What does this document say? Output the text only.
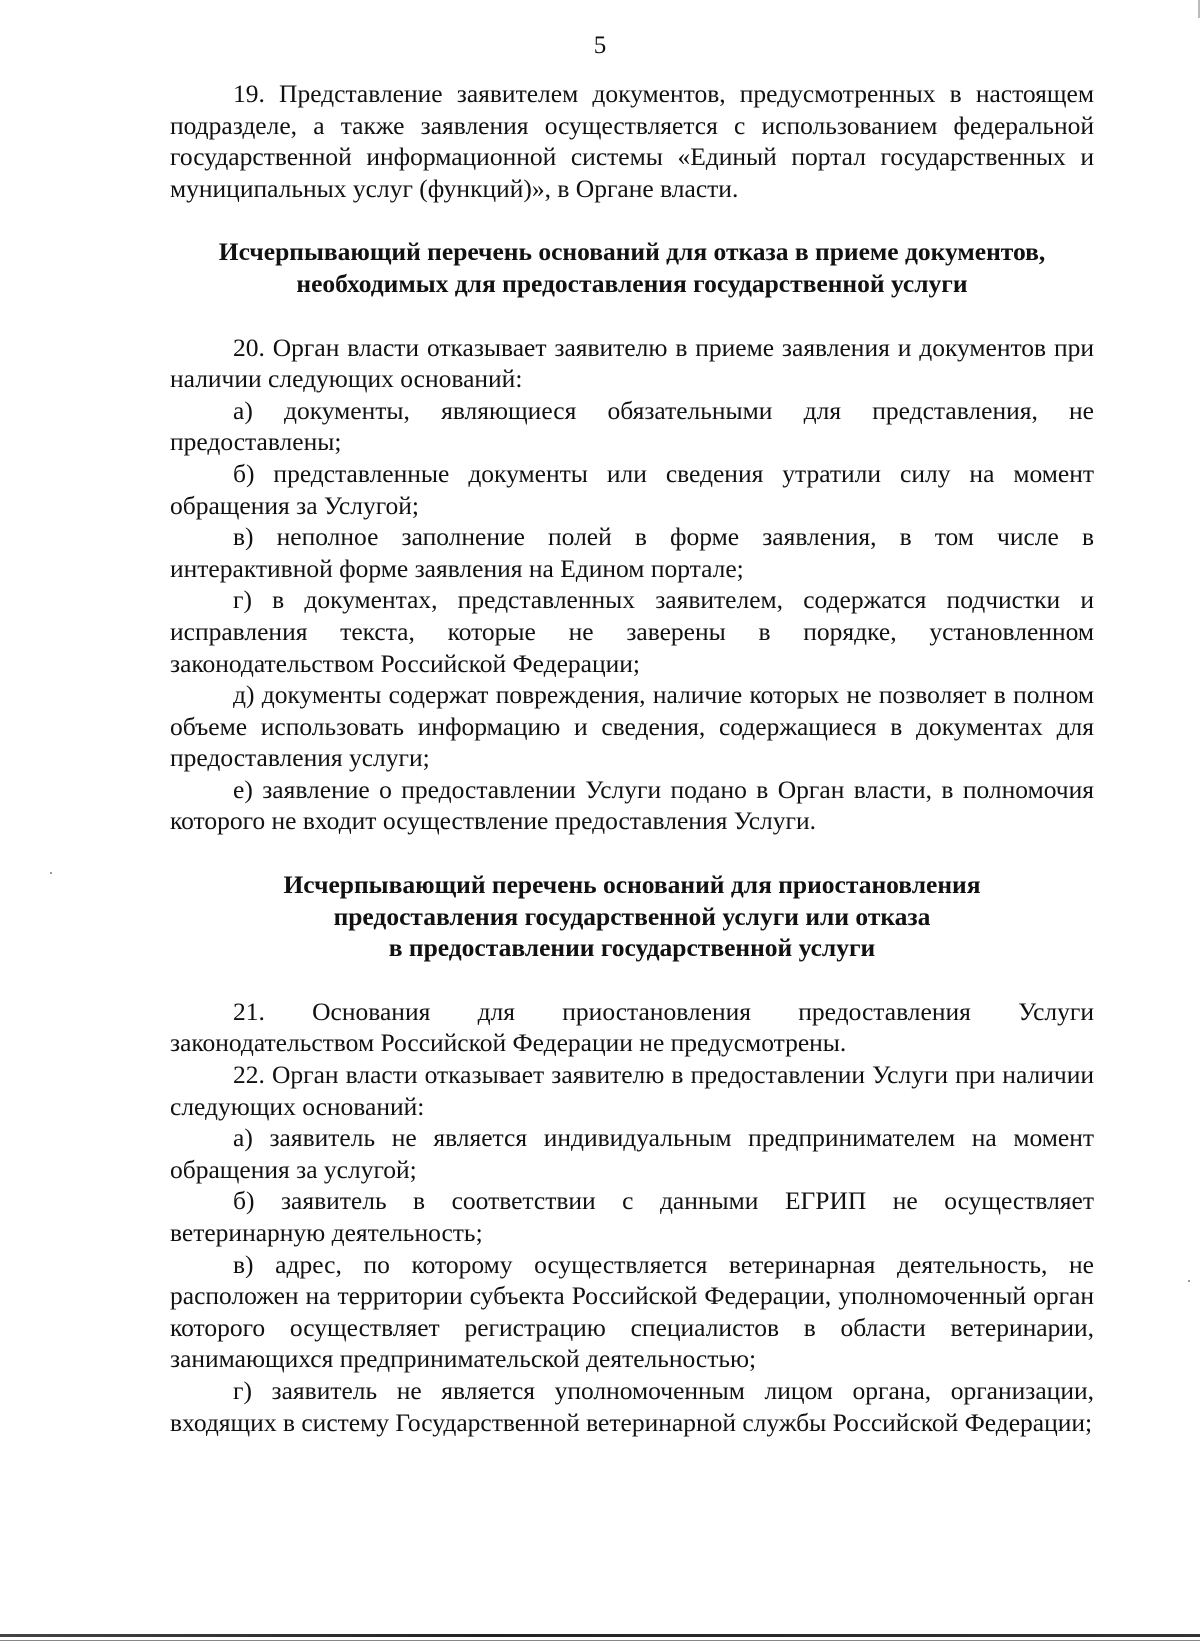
5

19. Представление заявителем документов, предусмотренных в настоящем подразделе, а также заявления осуществляется с использованием федеральной государственной информационной системы «Единый портал государственных и муниципальных услуг (функций)», в Органе власти.

Исчерпывающий перечень оснований для отказа в приеме документов,

необходимых для предоставления государственной услуги

20. Орган власти отказывает заявителю в приеме заявления и документов при наличии следующих оснований:

а) документы, являющиеся обязательными для представления, не предоставлены;

б) представленные документы или сведения утратили силу на момент обращения за Услугой;

в) неполное заполнение полей в форме заявления, в том числе в интерактивной форме заявления на Едином портале;

г) в документах, представленных заявителем, содержатся подчистки и исправления текста, которые не заверены в порядке, установленном законодательством Российской Федерации;

д) документы содержат повреждения, наличие которых не позволяет в полном объеме использовать информацию и сведения, содержащиеся в документах для предоставления услуги;

е) заявление о предоставлении Услуги подано в Орган власти, в полномочия которого не входит осуществление предоставления Услуги.

Исчерпывающий перечень оснований для приостановления

предоставления государственной услуги или отказа

в предоставлении государственной услуги

21. Основания для приостановления предоставления Услуги законодательством Российской Федерации не предусмотрены.

22. Орган власти отказывает заявителю в предоставлении Услуги при наличии следующих оснований:

а) заявитель не является индивидуальным предпринимателем на момент обращения за услугой;

б) заявитель в соответствии с данными ЕГРИП не осуществляет ветеринарную деятельность;

в) адрес, по которому осуществляется ветеринарная деятельность, не расположен на территории субъекта Российской Федерации, уполномоченный орган которого осуществляет регистрацию специалистов в области ветеринарии, занимающихся предпринимательской деятельностью;

г) заявитель не является уполномоченным лицом органа, организации, входящих в систему Государственной ветеринарной службы Российской Федерации;
